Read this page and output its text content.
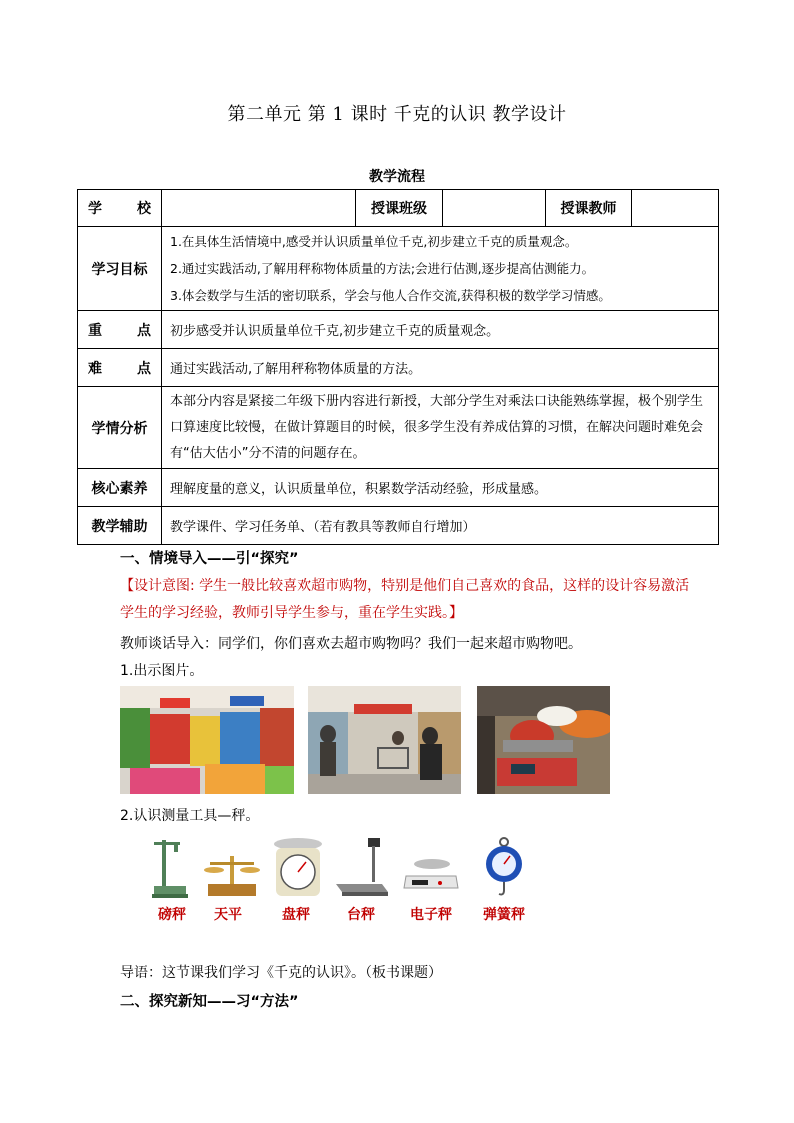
第二单元 第 1 课时 千克的认识 教学设计
教学流程
学　　校		授课班级		授课教师	
学习目标	1.在具体生活情境中,感受并认识质量单位千克,初步建立千克的质量观念。
2.通过实践活动,了解用秤称物体质量的方法;会进行估测,逐步提高估测能力。
3.体会数学与生活的密切联系，学会与他人合作交流,获得积极的数学学习情感。				

重　　点	初步感受并认识质量单位千克,初步建立千克的质量观念。				
难　　点	通过实践活动,了解用秤称物体质量的方法。				
学情分析	本部分内容是紧接二年级下册内容进行新授，大部分学生对乘法口诀能熟练掌握，极个别学生口算速度比较慢，在做计算题目的时候，很多学生没有养成估算的习惯，在解决问题时难免会有“估大估小”分不清的问题存在。				
核心素养	理解度量的意义，认识质量单位，积累数学活动经验，形成量感。				
教学辅助	教学课件、学习任务单、（若有教具等教师自行增加）				
一、情境导入——引“探究”
【设计意图: 学生一般比较喜欢超市购物，特别是他们自己喜欢的食品，这样的设计容易激活学生的学习经验，教师引导学生参与，重在学生实践。】
教师谈话导入：同学们，你们喜欢去超市购物吗？我们一起来超市购物吧。
1.出示图片。
2.认识测量工具—秤。
磅秤	天平	盘秤	台秤	电子秤	弹簧秤
导语：这节课我们学习《千克的认识》。（板书课题）
二、探究新知——习“方法”
